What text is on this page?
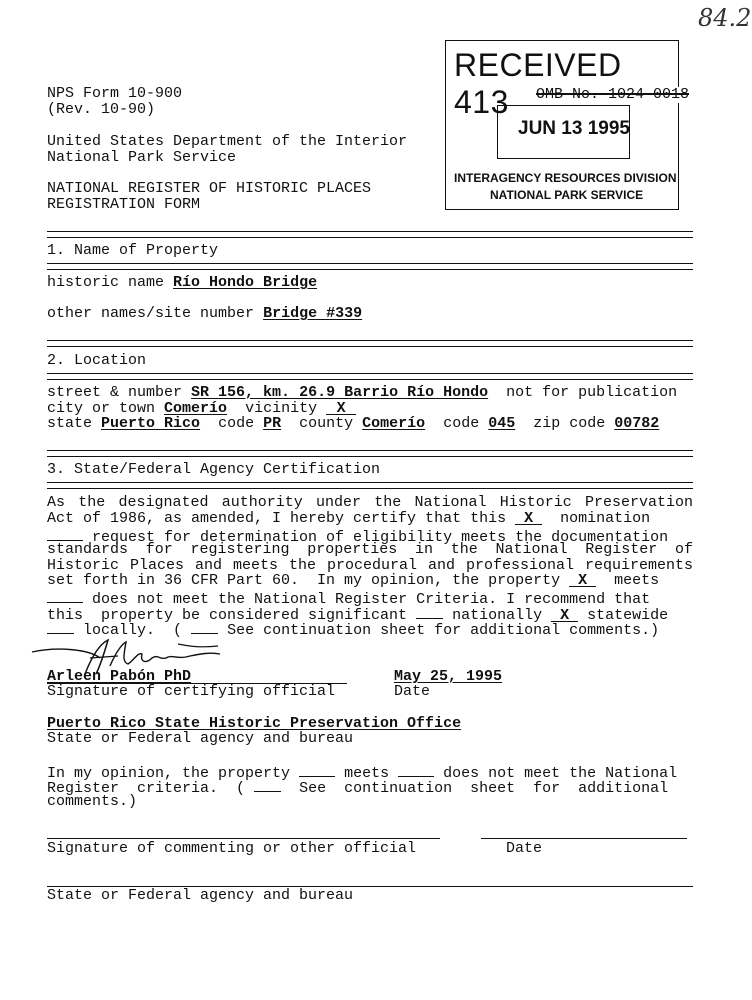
84.2
NPS Form 10-900
(Rev. 10-90)
United States Department of the Interior
National Park Service
NATIONAL REGISTER OF HISTORIC PLACES
REGISTRATION FORM
RECEIVED 413
INTERAGENCY RESOURCES DIVISION
NATIONAL PARK SERVICE
OMB No. 1024-0018
JUN 13 1995
1. Name of Property
historic name Río Hondo Bridge
other names/site number Bridge #339
2. Location
street & number SR 156, km. 26.9 Barrio Río Hondo not for publication
city or town Comerío vicinity X
state Puerto Rico code PR county Comerío code 045 zip code 00782
3. State/Federal Agency Certification
As the designated authority under the National Historic Preservation
Act of 1986, as amended, I hereby certify that this X nomination
request for determination of eligibility meets the documentation
standards for registering properties in the National Register of
Historic Places and meets the procedural and professional requirements
set forth in 36 CFR Part 60.  In my opinion, the property X meets
does not meet the National Register Criteria. I recommend that
this  property be considered significant	nationally X statewide
locally.  (	See continuation sheet for additional comments.)
Arleen Pabón PhD	May 25, 1995
Signature of certifying official	Date
Puerto Rico State Historic Preservation Office
State or Federal agency and bureau
In my opinion, the property	meets	does not meet the National
Register  criteria.  (	See  continuation  sheet  for  additional
comments.)
Signature of commenting or other official	Date
State or Federal agency and bureau
